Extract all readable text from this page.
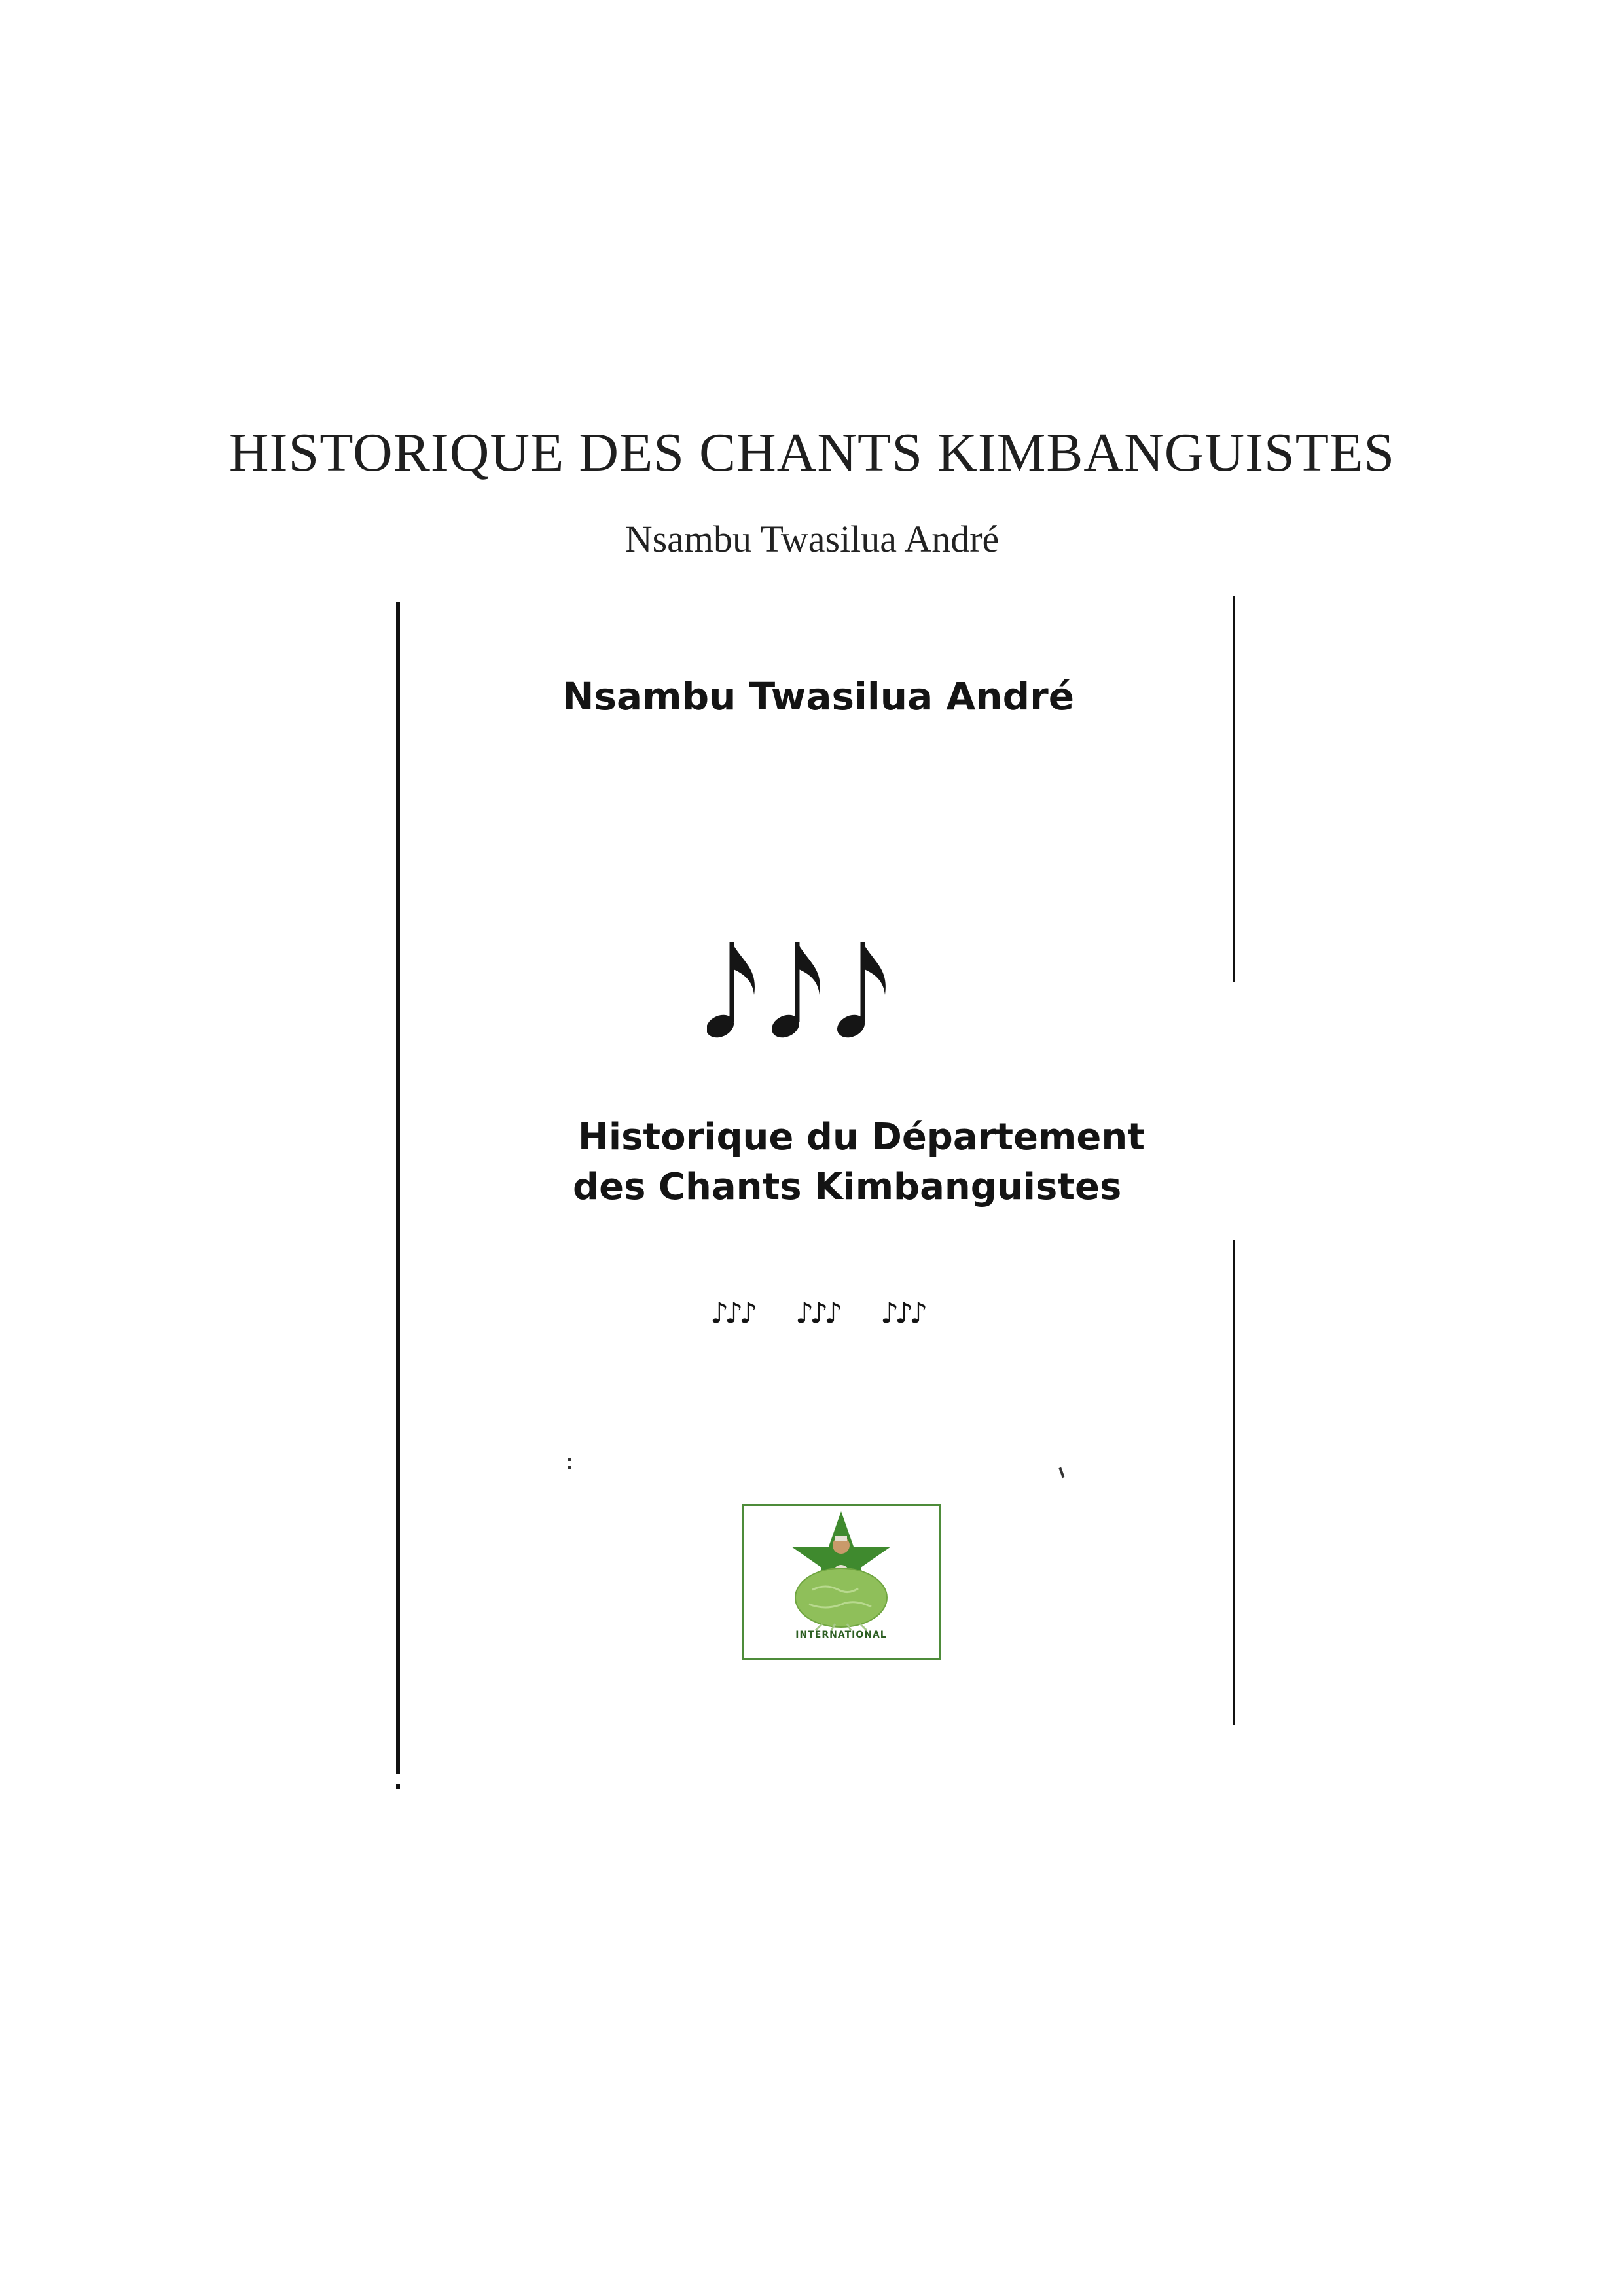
HISTORIQUE DES CHANTS KIMBANGUISTES
Nsambu Twasilua André
Nsambu Twasilua André
Historique du Département
des Chants Kimbanguistes
♪♪♪ ♪♪♪ ♪♪♪
INTERNATIONAL
